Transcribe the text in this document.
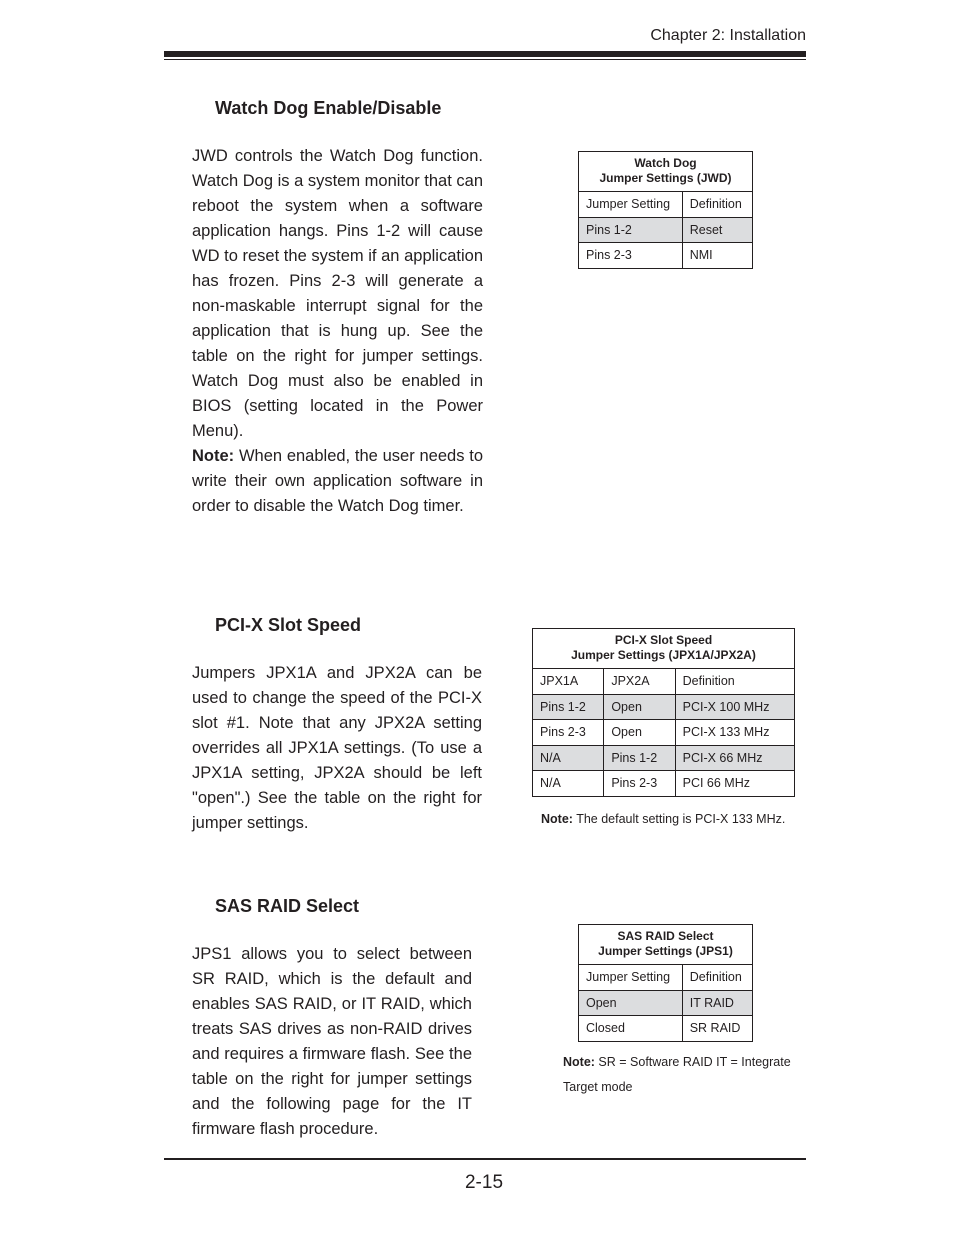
Chapter 2: Installation
Watch Dog Enable/Disable
JWD controls the Watch Dog function. Watch Dog is a system monitor that can reboot the system when a software application hangs. Pins 1-2 will cause WD to reset the system if an application has frozen. Pins 2-3 will generate a non-maskable interrupt signal for the application that is hung up. See the table on the right for jumper settings. Watch Dog must also be enabled in BIOS (setting located in the Power Menu).
Note: When enabled, the user needs to write their own application software in order to disable the Watch Dog timer.
Watch Dog
Jumper Settings (JWD)	
Jumper Setting	Definition
Pins 1-2	Reset
Pins 2-3	NMI
PCI-X Slot Speed
Jumpers JPX1A and JPX2A can be used to change the speed of the PCI-X slot #1. Note that any JPX2A setting overrides all JPX1A settings. (To use a JPX1A setting, JPX2A should be left "open".) See the table on the right for jumper settings.
PCI-X Slot Speed
Jumper Settings (JPX1A/JPX2A)		
JPX1A	JPX2A	Definition
Pins 1-2	Open	PCI-X 100 MHz
Pins 2-3	Open	PCI-X 133 MHz
N/A	Pins 1-2	PCI-X 66 MHz
N/A	Pins 2-3	PCI 66 MHz
Note: The default setting is PCI-X 133 MHz.
SAS RAID Select
JPS1 allows you to select between SR RAID, which is the default and enables SAS RAID, or IT RAID, which treats SAS drives as non-RAID drives and requires a firmware flash. See the table on the right for jumper settings and the following page for the IT firmware flash procedure.
SAS RAID Select
Jumper Settings (JPS1)	
Jumper Setting	Definition
Open	IT RAID
Closed	SR RAID
Note: SR = Software RAID IT = Integrate Target mode
2-15
